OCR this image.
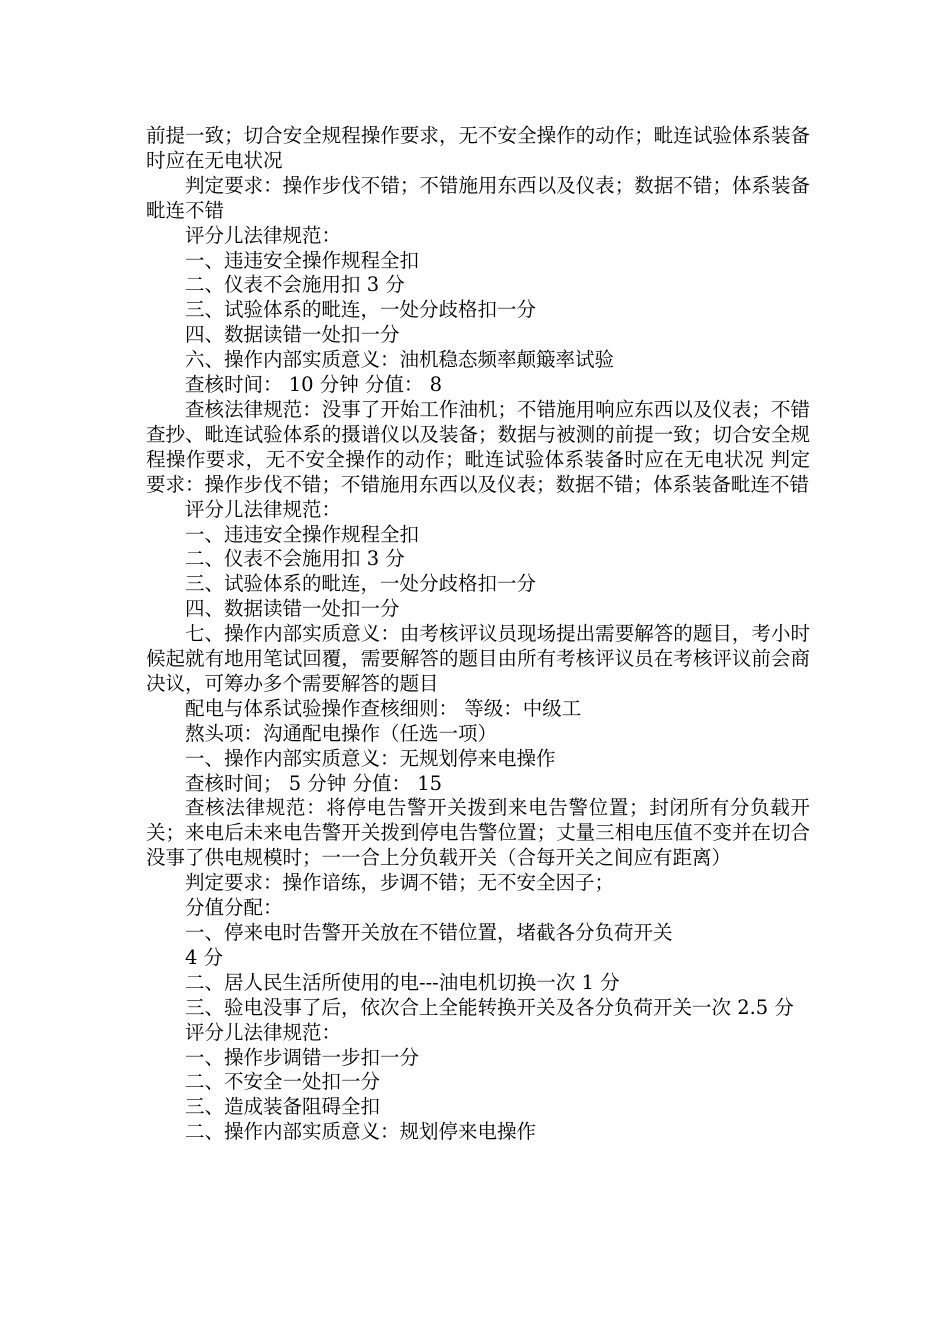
前提一致；切合安全规程操作要求，无不安全操作的动作；毗连试验体系装备时应在无电状况

判定要求：操作步伐不错；不错施用东西以及仪表；数据不错；体系装备毗连不错

评分儿法律规范：

一、违违安全操作规程全扣

二、仪表不会施用扣 3 分

三、试验体系的毗连，一处分歧格扣一分

四、数据读错一处扣一分

六、操作内部实质意义：油机稳态频率颠簸率试验

查核时间： 10 分钟 分值： 8

查核法律规范：没事了开始工作油机；不错施用响应东西以及仪表；不错查抄、毗连试验体系的摄谱仪以及装备；数据与被测的前提一致；切合安全规程操作要求，无不安全操作的动作；毗连试验体系装备时应在无电状况 判定要求：操作步伐不错；不错施用东西以及仪表；数据不错；体系装备毗连不错

评分儿法律规范：

一、违违安全操作规程全扣

二、仪表不会施用扣 3 分

三、试验体系的毗连，一处分歧格扣一分

四、数据读错一处扣一分

七、操作内部实质意义：由考核评议员现场提出需要解答的题目，考小时候起就有地用笔试回覆，需要解答的题目由所有考核评议员在考核评议前会商决议，可筹办多个需要解答的题目

配电与体系试验操作查核细则： 等级：中级工

熬头项：沟通配电操作（任选一项）

一、操作内部实质意义：无规划停来电操作

查核时间； 5 分钟 分值： 15

查核法律规范：将停电告警开关拨到来电告警位置；封闭所有分负载开关；来电后未来电告警开关拨到停电告警位置；丈量三相电压值不变并在切合没事了供电规模时；一一合上分负载开关（合每开关之间应有距离）

判定要求：操作谙练，步调不错；无不安全因子；

分值分配：

一、停来电时告警开关放在不错位置，堵截各分负荷开关

4 分

二、居人民生活所使用的电---油电机切换一次 1 分

三、验电没事了后，依次合上全能转换开关及各分负荷开关一次 2.5 分

评分儿法律规范：

一、操作步调错一步扣一分

二、不安全一处扣一分

三、造成装备阻碍全扣

二、操作内部实质意义：规划停来电操作
